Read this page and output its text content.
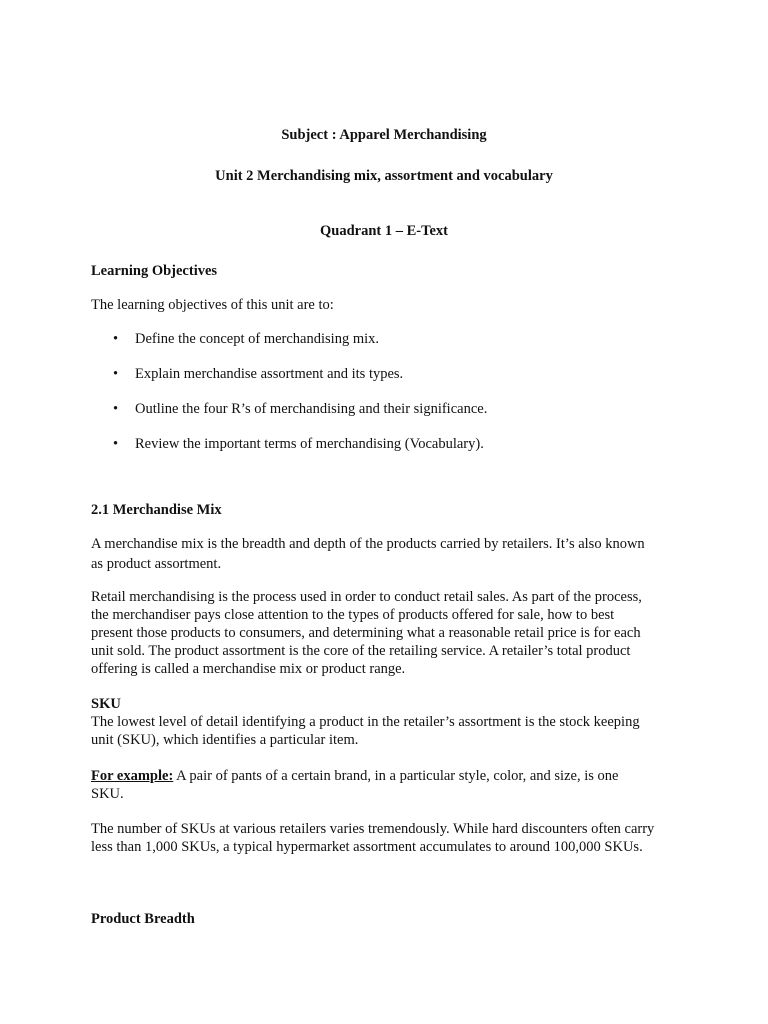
Subject : Apparel Merchandising
Unit 2 Merchandising mix, assortment and vocabulary
Quadrant 1 – E-Text
Learning Objectives
The learning objectives of this unit are to:
• Define the concept of merchandising mix.
• Explain merchandise assortment and its types.
• Outline the four R’s of merchandising and their significance.
• Review the important terms of merchandising (Vocabulary).
2.1 Merchandise Mix
A merchandise mix is the breadth and depth of the products carried by retailers. It’s also known
as product assortment.
Retail merchandising is the process used in order to conduct retail sales. As part of the process,
the merchandiser pays close attention to the types of products offered for sale, how to best
present those products to consumers, and determining what a reasonable retail price is for each
unit sold. The product assortment is the core of the retailing service. A retailer’s total product
offering is called a merchandise mix or product range.
SKU
The lowest level of detail identifying a product in the retailer’s assortment is the stock keeping
unit (SKU), which identifies a particular item.
For example: A pair of pants of a certain brand, in a particular style, color, and size, is one
SKU.
The number of SKUs at various retailers varies tremendously. While hard discounters often carry
less than 1,000 SKUs, a typical hypermarket assortment accumulates to around 100,000 SKUs.
Product Breadth
